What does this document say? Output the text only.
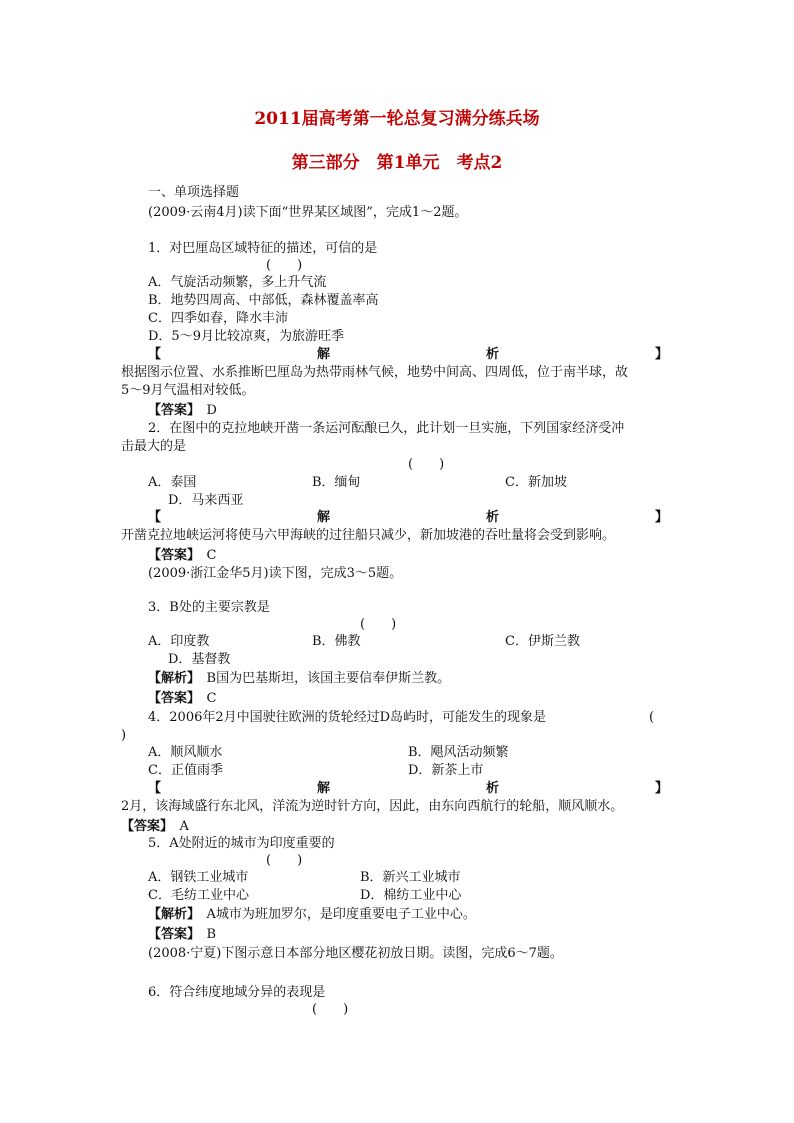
2011届高考第一轮总复习满分练兵场
第三部分　第1单元　考点2
一、单项选择题
(2009·云南4月)读下面“世界某区域图”，完成1～2题。
1．对巴厘岛区域特征的描述，可信的是
(　　)
A．气旋活动频繁，多上升气流
B．地势四周高、中部低，森林覆盖率高
C．四季如春，降水丰沛
D．5～9月比较凉爽，为旅游旺季
【	解	析	】
根据图示位置、水系推断巴厘岛为热带雨林气候，地势中间高、四周低，位于南半球，故
5～9月气温相对较低。
【答案】　 D
2．在图中的克拉地峡开凿一条运河酝酿已久，此计划一旦实施，下列国家经济受冲
击最大的是
(　　)
A．泰国	B．缅甸	C．新加坡
D．马来西亚
【	解	析	】
开凿克拉地峡运河将使马六甲海峡的过往船只减少，新加坡港的吞吐量将会受到影响。
【答案】　 C
(2009·浙江金华5月)读下图，完成3～5题。
3．B处的主要宗教是
(　　)
A．印度教	B．佛教	C．伊斯兰教
D．基督教
【解析】　 B国为巴基斯坦，该国主要信奉伊斯兰教。
【答案】　 C
4．2006年2月中国驶往欧洲的货轮经过D岛屿时，可能发生的现象是	(
)
A．顺风顺水	B．飓风活动频繁
C．正值雨季	D．新茶上市
【	解	析	】
2月，该海域盛行东北风，洋流为逆时针方向，因此，由东向西航行的轮船，顺风顺水。
【答案】　 A
5．A处附近的城市为印度重要的
(　　)
A．钢铁工业城市	B．新兴工业城市
C．毛纺工业中心	D．棉纺工业中心
【解析】　 A城市为班加罗尔，是印度重要电子工业中心。
【答案】　 B
(2008·宁夏)下图示意日本部分地区樱花初放日期。读图，完成6～7题。
6．符合纬度地域分异的表现是
(　　)
